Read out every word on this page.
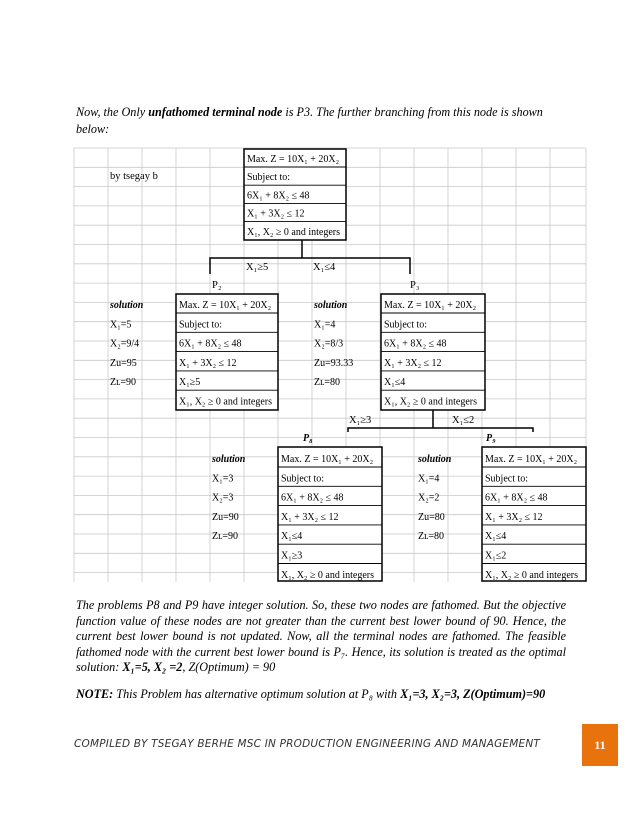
Now, the Only unfathomed terminal node is P3. The further branching from this node is shown below:
Max. Z = 10X₁ + 20X₂
Subject to:
6X₁ + 8X₂ ≤ 48
X₁ + 3X₂ ≤ 12
X₁, X₂ ≥ 0 and integers
by tsegay b
X₁≥5	X₁≤4
P₂	P₃
Max. Z = 10X₁ + 20X₂
Subject to:
6X₁ + 8X₂ ≤ 48
X₁ + 3X₂ ≤ 12
X₁≥5
X₁, X₂ ≥ 0 and integers
Max. Z = 10X₁ + 20X₂
Subject to:
6X₁ + 8X₂ ≤ 48
X₁ + 3X₂ ≤ 12
X₁≤4
X₁, X₂ ≥ 0 and integers
solution
X₁=5
X₂=9/4
Zu=95
Zʟ=90
solution
X₁=4
X₂=8/3
Zu=93.33
Zʟ=80
X₁≥3	X₁≤2
P₈	P₉
Max. Z = 10X₁ + 20X₂
Subject to:
6X₁ + 8X₂ ≤ 48
X₁ + 3X₂ ≤ 12
X₁≤4
X₁≥3
X₁, X₂ ≥ 0 and integers
Max. Z = 10X₁ + 20X₂
Subject to:
6X₁ + 8X₂ ≤ 48
X₁ + 3X₂ ≤ 12
X₁≤4
X₁≤2
X₁, X₂ ≥ 0 and integers
solution
X₁=3
X₂=3
Zu=90
Zʟ=90
solution
X₁=4
X₂=2
Zu=80
Zʟ=80
The problems P8 and P9 have integer solution. So, these two nodes are fathomed. But the objective function value of these nodes are not greater than the current best lower bound of 90. Hence, the current best lower bound is not updated. Now, all the terminal nodes are fathomed. The feasible fathomed node with the current best lower bound is P₇. Hence, its solution is treated as the optimal solution: X₁=5, X₂ =2, Z(Optimum) = 90
NOTE: This Problem has alternative optimum solution at P₈ with X₁=3, X₂=3, Z(Optimum)=90
COMPILED BY TSEGAY BERHE MSC IN PRODUCTION ENGINEERING AND MANAGEMENT	11
